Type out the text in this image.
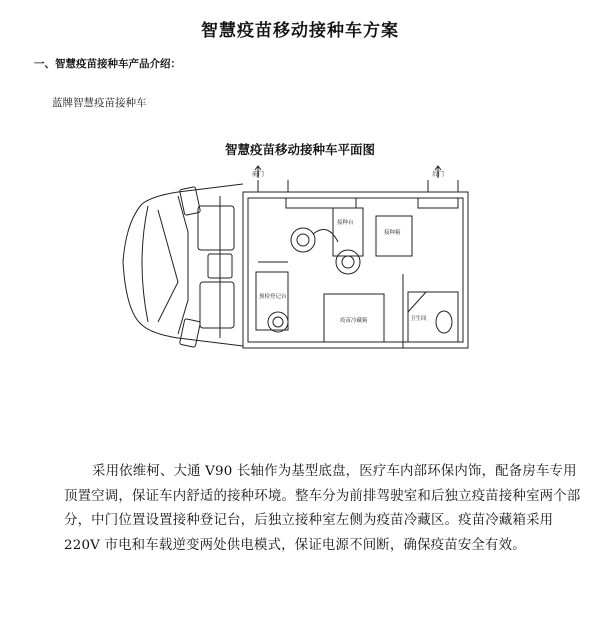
智慧疫苗移动接种车方案
一、智慧疫苗接种车产品介绍：
蓝牌智慧疫苗接种车
智慧疫苗移动接种车平面图
前门	后门
接种台
接种箱
预检登记台
疫苗冷藏箱	卫生间
采用依维柯、大通 V90 长轴作为基型底盘，医疗车内部环保内饰，配备房车专用顶置空调，保证车内舒适的接种环境。整车分为前排驾驶室和后独立疫苗接种室两个部分，中门位置设置接种登记台，后独立接种室左侧为疫苗冷藏区。疫苗冷藏箱采用 220V 市电和车载逆变两处供电模式，保证电源不间断，确保疫苗安全有效。
